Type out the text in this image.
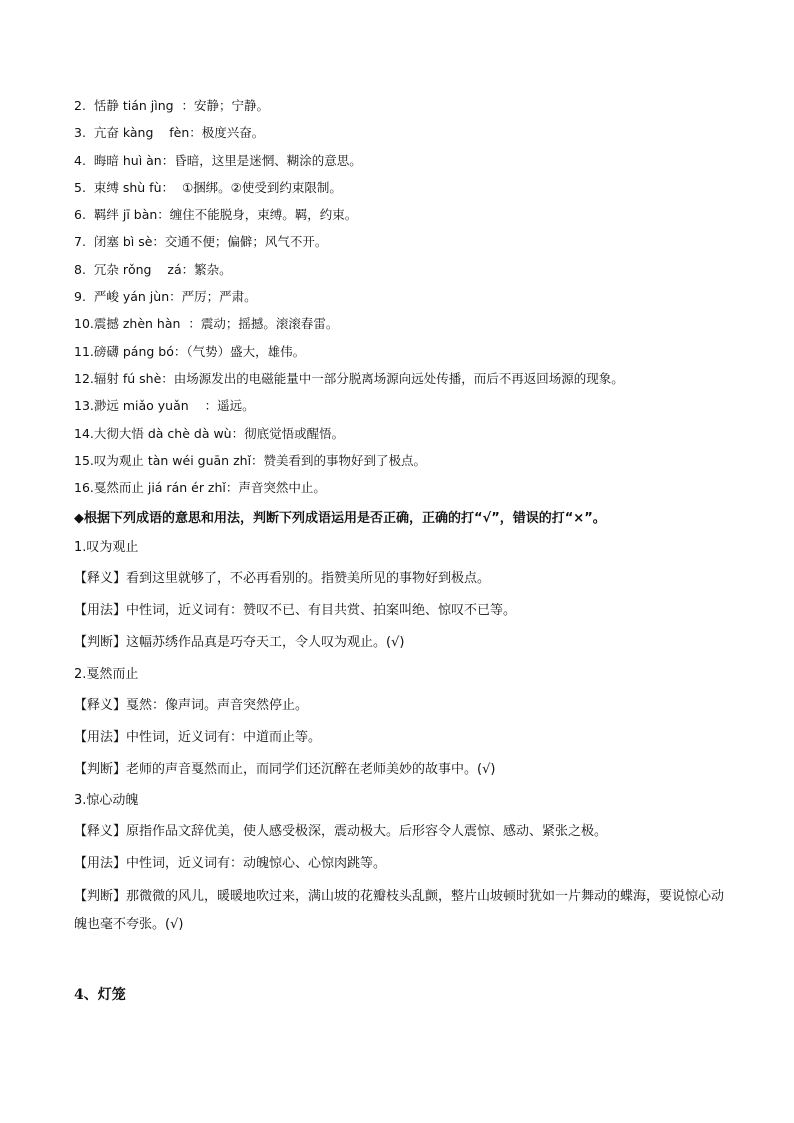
2.  恬静 tián jìng  ：安静；宁静。
3.  亢奋 kàng    fèn：极度兴奋。
4.  晦暗 huì àn：昏暗，这里是迷惘、糊涂的意思。
5.  束缚 shù fù：  ①捆绑。②使受到约束限制。
6.  羁绊 jī bàn：缠住不能脱身，束缚。羁，约束。
7.  闭塞 bì sè：交通不便；偏僻；风气不开。
8.  冗杂 rǒng    zá：繁杂。
9.  严峻 yán jùn：严厉；严肃。
10.震撼 zhèn hàn  ：震动；摇撼。滚滚春雷。
11.磅礴 páng bó：（气势）盛大，雄伟。
12.辐射 fú shè：由场源发出的电磁能量中一部分脱离场源向远处传播，而后不再返回场源的现象。
13.渺远 miǎo yuǎn    ：遥远。
14.大彻大悟 dà chè dà wù：彻底觉悟或醒悟。
15.叹为观止 tàn wéi guān zhǐ：赞美看到的事物好到了极点。
16.戛然而止 jiá rán ér zhǐ：声音突然中止。
◆根据下列成语的意思和用法，判断下列成语运用是否正确，正确的打“√”，错误的打“×”。
1.叹为观止
【释义】看到这里就够了，不必再看别的。指赞美所见的事物好到极点。
【用法】中性词，近义词有：赞叹不已、有目共赏、拍案叫绝、惊叹不已等。
【判断】这幅苏绣作品真是巧夺天工，令人叹为观止。(√)
2.戛然而止
【释义】戛然：像声词。声音突然停止。
【用法】中性词，近义词有：中道而止等。
【判断】老师的声音戛然而止，而同学们还沉醉在老师美妙的故事中。(√)
3.惊心动魄
【释义】原指作品文辞优美，使人感受极深，震动极大。后形容令人震惊、感动、紧张之极。
【用法】中性词，近义词有：动魄惊心、心惊肉跳等。
【判断】那微微的风儿，暖暖地吹过来，满山坡的花瓣枝头乱颤，整片山坡顿时犹如一片舞动的蝶海，要说惊心动魄也毫不夸张。(√)
4、灯笼
